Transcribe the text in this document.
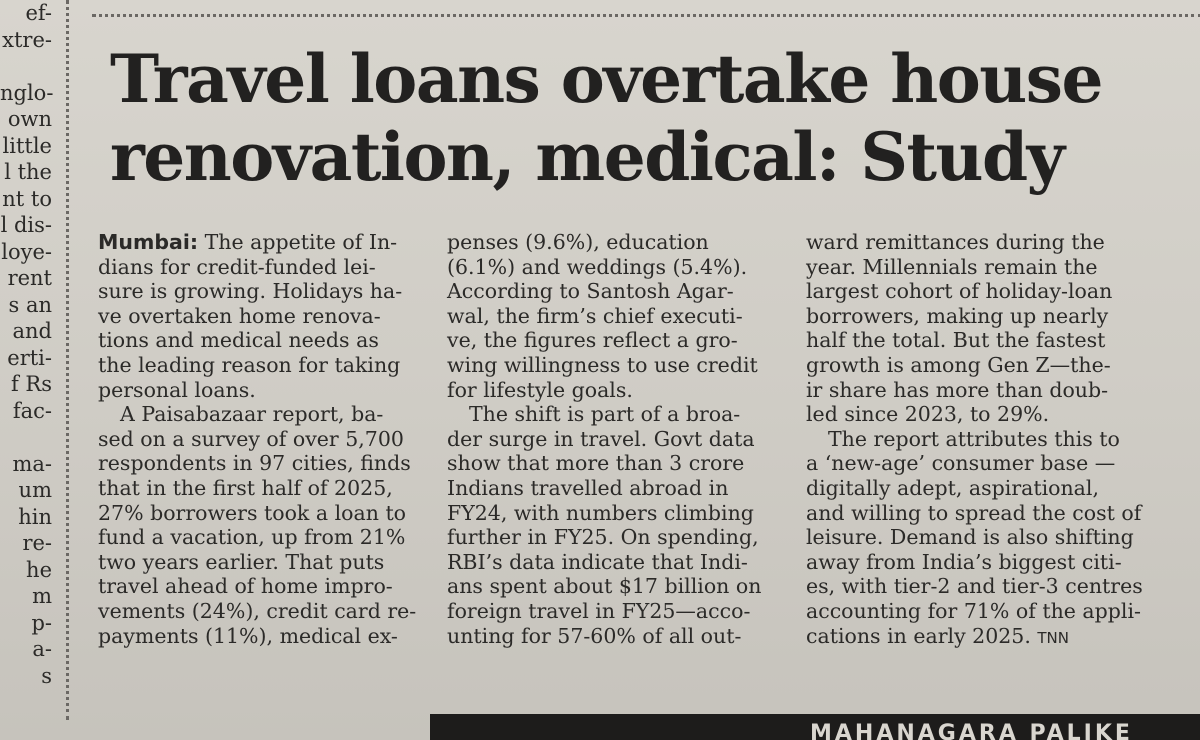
ef-
xtre-
nglo-
own
little
l the
nt to
l dis-
loye-
rent
s an
and
erti-
f Rs
fac-
ma-
um
hin
re-
he
m
p-
a-
s
Travel loans overtake house
renovation, medical: Study
Mumbai: The appetite of In-
dians for credit-funded lei-
sure is growing. Holidays ha-
ve overtaken home renova-
tions and medical needs as
the leading reason for taking
personal loans.
A Paisabazaar report, ba-
sed on a survey of over 5,700
respondents in 97 cities, finds
that in the first half of 2025,
27% borrowers took a loan to
fund a vacation, up from 21%
two years earlier. That puts
travel ahead of home impro-
vements (24%), credit card re-
payments (11%), medical ex-
penses (9.6%), education
(6.1%) and weddings (5.4%).
According to Santosh Agar-
wal, the firm’s chief executi-
ve, the figures reflect a gro-
wing willingness to use credit
for lifestyle goals.
The shift is part of a broa-
der surge in travel. Govt data
show that more than 3 crore
Indians travelled abroad in
FY24, with numbers climbing
further in FY25. On spending,
RBI’s data indicate that Indi-
ans spent about $17 billion on
foreign travel in FY25—acco-
unting for 57-60% of all out-
ward remittances during the
year. Millennials remain the
largest cohort of holiday-loan
borrowers, making up nearly
half the total. But the fastest
growth is among Gen Z—the-
ir share has more than doub-
led since 2023, to 29%.
The report attributes this to
a ‘new-age’ consumer base —
digitally adept, aspirational,
and willing to spread the cost of
leisure. Demand is also shifting
away from India’s biggest citi-
es, with tier-2 and tier-3 centres
accounting for 71% of the appli-
cations in early 2025. TNN
MAHANAGARA PALIKE
